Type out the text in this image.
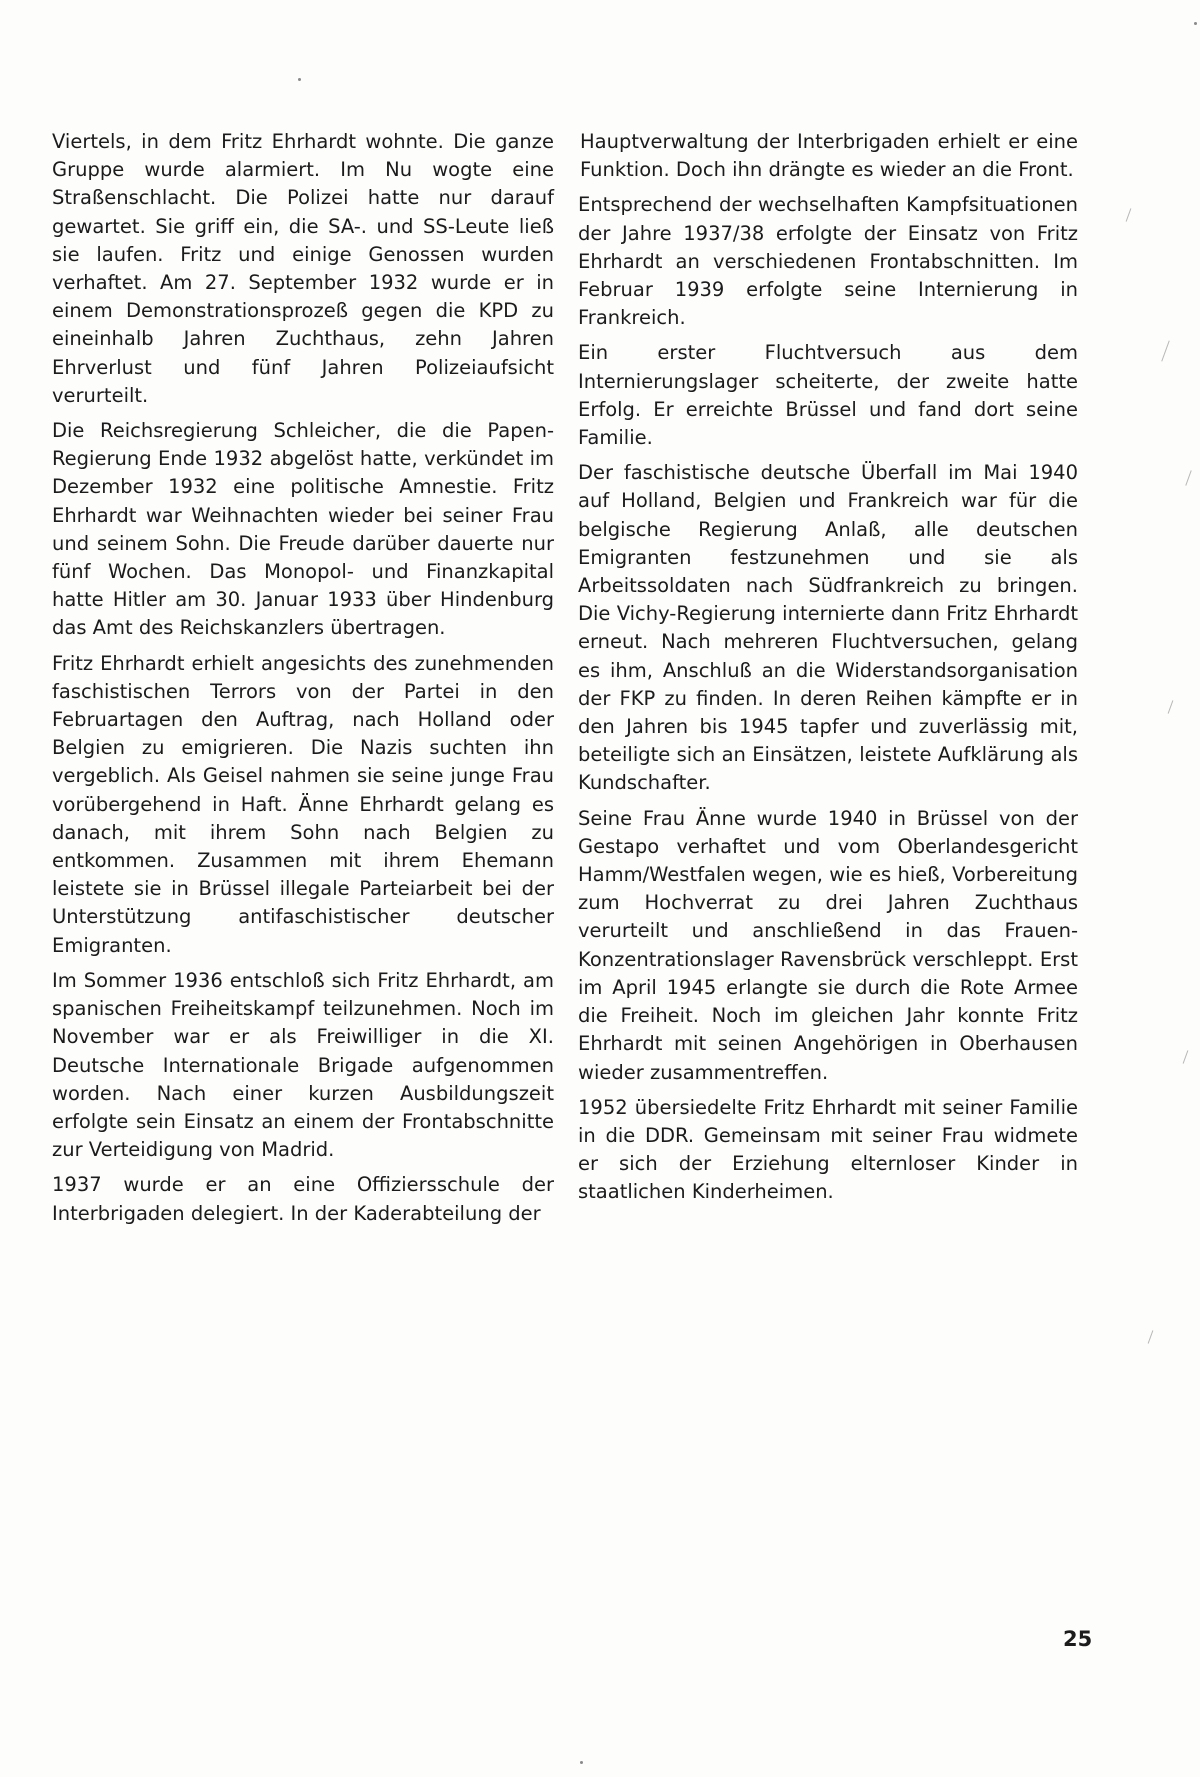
Viertels, in dem Fritz Ehrhardt wohnte. Die ganze Gruppe wurde alarmiert. Im Nu wogte eine Straßenschlacht. Die Polizei hatte nur darauf gewartet. Sie griff ein, die SA-. und SS-Leute ließ sie laufen. Fritz und einige Genossen wurden verhaftet. Am 27. September 1932 wurde er in einem Demonstrationsprozeß gegen die KPD zu eineinhalb Jahren Zuchthaus, zehn Jahren Ehrverlust und fünf Jahren Polizeiaufsicht verurteilt.

Die Reichsregierung Schleicher, die die Papen-Regierung Ende 1932 abgelöst hatte, verkündet im Dezember 1932 eine politische Amnestie. Fritz Ehrhardt war Weihnachten wieder bei seiner Frau und seinem Sohn. Die Freude darüber dauerte nur fünf Wochen. Das Monopol- und Finanzkapital hatte Hitler am 30. Januar 1933 über Hindenburg das Amt des Reichskanzlers übertragen.

Fritz Ehrhardt erhielt angesichts des zunehmenden faschistischen Terrors von der Partei in den Februartagen den Auftrag, nach Holland oder Belgien zu emigrieren. Die Nazis suchten ihn vergeblich. Als Geisel nahmen sie seine junge Frau vorübergehend in Haft. Änne Ehrhardt gelang es danach, mit ihrem Sohn nach Belgien zu entkommen. Zusammen mit ihrem Ehemann leistete sie in Brüssel illegale Parteiarbeit bei der Unterstützung antifaschistischer deutscher Emigranten.

Im Sommer 1936 entschloß sich Fritz Ehrhardt, am spanischen Freiheitskampf teilzunehmen. Noch im November war er als Freiwilliger in die XI. Deutsche Internationale Brigade aufgenommen worden. Nach einer kurzen Ausbildungszeit erfolgte sein Einsatz an einem der Frontabschnitte zur Verteidigung von Madrid.

1937 wurde er an eine Offiziersschule der Interbrigaden delegiert. In der Kaderabteilung der

Hauptverwaltung der Interbrigaden erhielt er eine Funktion. Doch ihn drängte es wieder an die Front.

Entsprechend der wechselhaften Kampfsituationen der Jahre 1937/38 erfolgte der Einsatz von Fritz Ehrhardt an verschiedenen Frontabschnitten. Im Februar 1939 erfolgte seine Internierung in Frankreich.

Ein erster Fluchtversuch aus dem Internierungslager scheiterte, der zweite hatte Erfolg. Er erreichte Brüssel und fand dort seine Familie.

Der faschistische deutsche Überfall im Mai 1940 auf Holland, Belgien und Frankreich war für die belgische Regierung Anlaß, alle deutschen Emigranten festzunehmen und sie als Arbeitssoldaten nach Südfrankreich zu bringen. Die Vichy-Regierung internierte dann Fritz Ehrhardt erneut. Nach mehreren Fluchtversuchen, gelang es ihm, Anschluß an die Widerstandsorganisation der FKP zu finden. In deren Reihen kämpfte er in den Jahren bis 1945 tapfer und zuverlässig mit, beteiligte sich an Einsätzen, leistete Aufklärung als Kundschafter.

Seine Frau Änne wurde 1940 in Brüssel von der Gestapo verhaftet und vom Oberlandesgericht Hamm/Westfalen wegen, wie es hieß, Vorbereitung zum Hochverrat zu drei Jahren Zuchthaus verurteilt und anschließend in das Frauen-Konzentrationslager Ravensbrück verschleppt. Erst im April 1945 erlangte sie durch die Rote Armee die Freiheit. Noch im gleichen Jahr konnte Fritz Ehrhardt mit seinen Angehörigen in Oberhausen wieder zusammentreffen.

1952 übersiedelte Fritz Ehrhardt mit seiner Familie in die DDR. Gemeinsam mit seiner Frau widmete er sich der Erziehung elternloser Kinder in staatlichen Kinderheimen.

25
